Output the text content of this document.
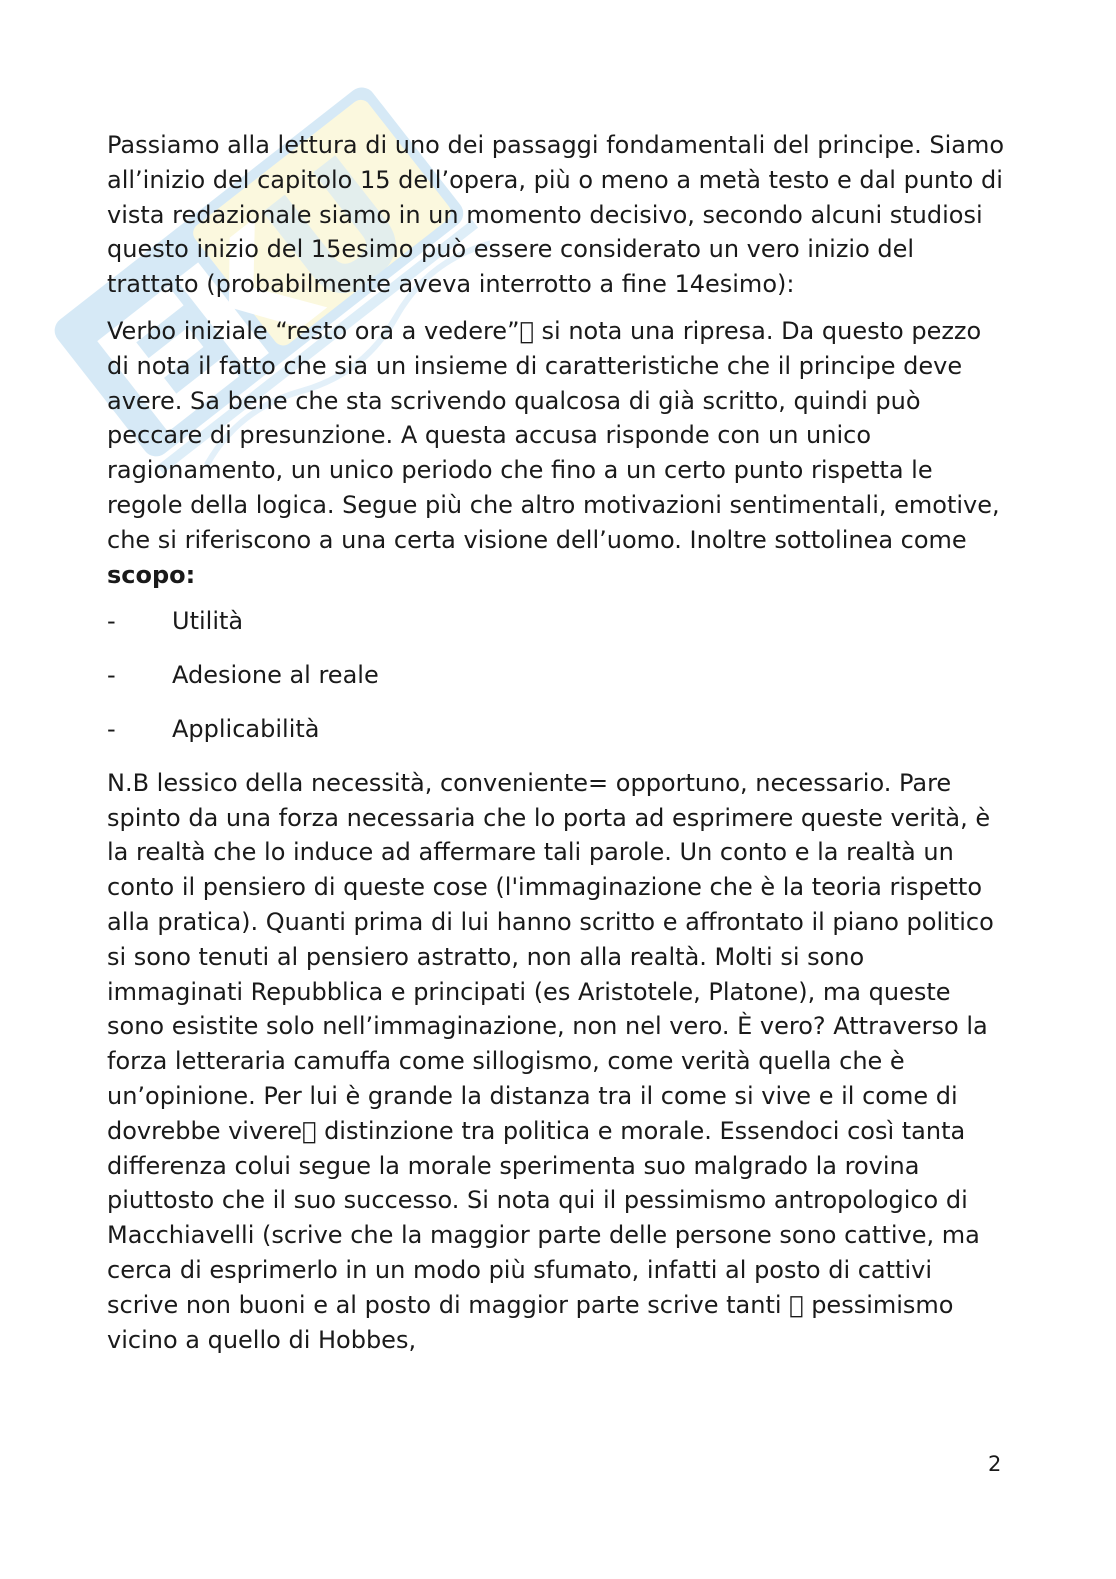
Passiamo alla lettura di uno dei passaggi fondamentali del principe. Siamo all’inizio del capitolo 15 dell’opera, più o meno a metà testo e dal punto di vista redazionale siamo in un momento decisivo, secondo alcuni studiosi questo inizio del 15esimo può essere considerato un vero inizio del trattato (probabilmente aveva interrotto a fine 14esimo):

Verbo iniziale “resto ora a vedere”  si nota una ripresa. Da questo pezzo di nota il fatto che sia un insieme di caratteristiche che il principe deve avere. Sa bene che sta scrivendo qualcosa di già scritto, quindi può peccare di presunzione. A questa accusa risponde con un unico ragionamento, un unico periodo che fino a un certo punto rispetta le regole della logica. Segue più che altro motivazioni sentimentali, emotive, che si riferiscono a una certa visione dell’uomo. Inoltre sottolinea come scopo:

-	Utilità
-	Adesione al reale
-	Applicabilità

N.B lessico della necessità, conveniente= opportuno, necessario. Pare spinto da una forza necessaria che lo porta ad esprimere queste verità, è la realtà che lo induce ad affermare tali parole. Un conto e la realtà un conto il pensiero di queste cose (l'immaginazione che è la teoria rispetto alla pratica). Quanti prima di lui hanno scritto e affrontato il piano politico si sono tenuti al pensiero astratto, non alla realtà. Molti si sono immaginati Repubblica e principati (es Aristotele, Platone), ma queste sono esistite solo nell’immaginazione, non nel vero. È vero? Attraverso la forza letteraria camuffa come sillogismo, come verità quella che è un’opinione. Per lui è grande la distanza tra il come si vive e il come di dovrebbe vivere  distinzione tra politica e morale. Essendoci così tanta differenza colui segue la morale sperimenta suo malgrado la rovina piuttosto che il suo successo. Si nota qui il pessimismo antropologico di Macchiavelli (scrive che la maggior parte delle persone sono cattive, ma cerca di esprimerlo in un modo più sfumato, infatti al posto di cattivi scrive non buoni e al posto di maggior parte scrive tanti   pessimismo vicino a quello di Hobbes,

2
